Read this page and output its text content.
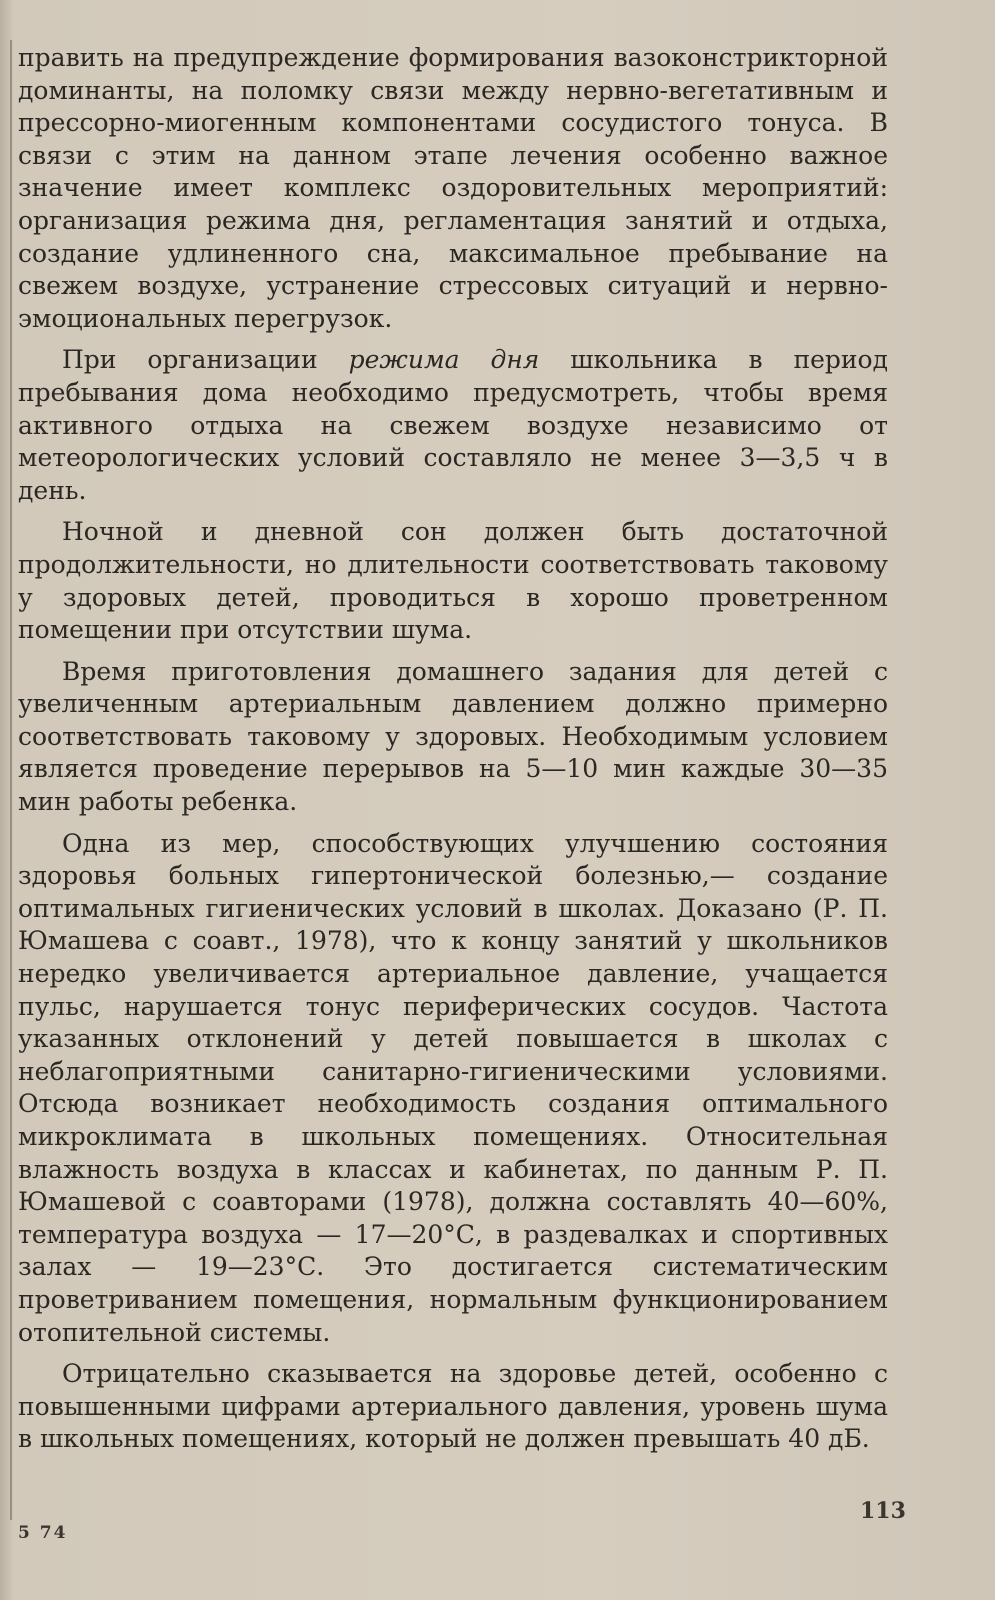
править на предупреждение формирования вазоконстрикторной доминанты, на поломку связи между нервно-вегетативным и прессорно-миогенным компонентами сосудистого тонуса. В связи с этим на данном этапе лечения особенно важное значение имеет комплекс оздоровительных мероприятий: организация режима дня, регламентация занятий и отдыха, создание удлиненного сна, максимальное пребывание на свежем воздухе, устранение стрессовых ситуаций и нервно-эмоциональных перегрузок.

При организации режима дня школьника в период пребывания дома необходимо предусмотреть, чтобы время активного отдыха на свежем воздухе независимо от метеорологических условий составляло не менее 3—3,5 ч в день.

Ночной и дневной сон должен быть достаточной продолжительности, но длительности соответствовать таковому у здоровых детей, проводиться в хорошо проветренном помещении при отсутствии шума.

Время приготовления домашнего задания для детей с увеличенным артериальным давлением должно примерно соответствовать таковому у здоровых. Необходимым условием является проведение перерывов на 5—10 мин каждые 30—35 мин работы ребенка.

Одна из мер, способствующих улучшению состояния здоровья больных гипертонической болезнью,— создание оптимальных гигиенических условий в школах. Доказано (Р. П. Юмашева с соавт., 1978), что к концу занятий у школьников нередко увеличивается артериальное давление, учащается пульс, нарушается тонус периферических сосудов. Частота указанных отклонений у детей повышается в школах с неблагоприятными санитарно-гигиеническими условиями. Отсюда возникает необходимость создания оптимального микроклимата в школьных помещениях. Относительная влажность воздуха в классах и кабинетах, по данным Р. П. Юмашевой с соавторами (1978), должна составлять 40—60%, температура воздуха — 17—20°С, в раздевалках и спортивных залах — 19—23°С. Это достигается систематическим проветриванием помещения, нормальным функционированием отопительной системы.

Отрицательно сказывается на здоровье детей, особенно с повышенными цифрами артериального давления, уровень шума в школьных помещениях, который не должен превышать 40 дБ.

113
5 74
